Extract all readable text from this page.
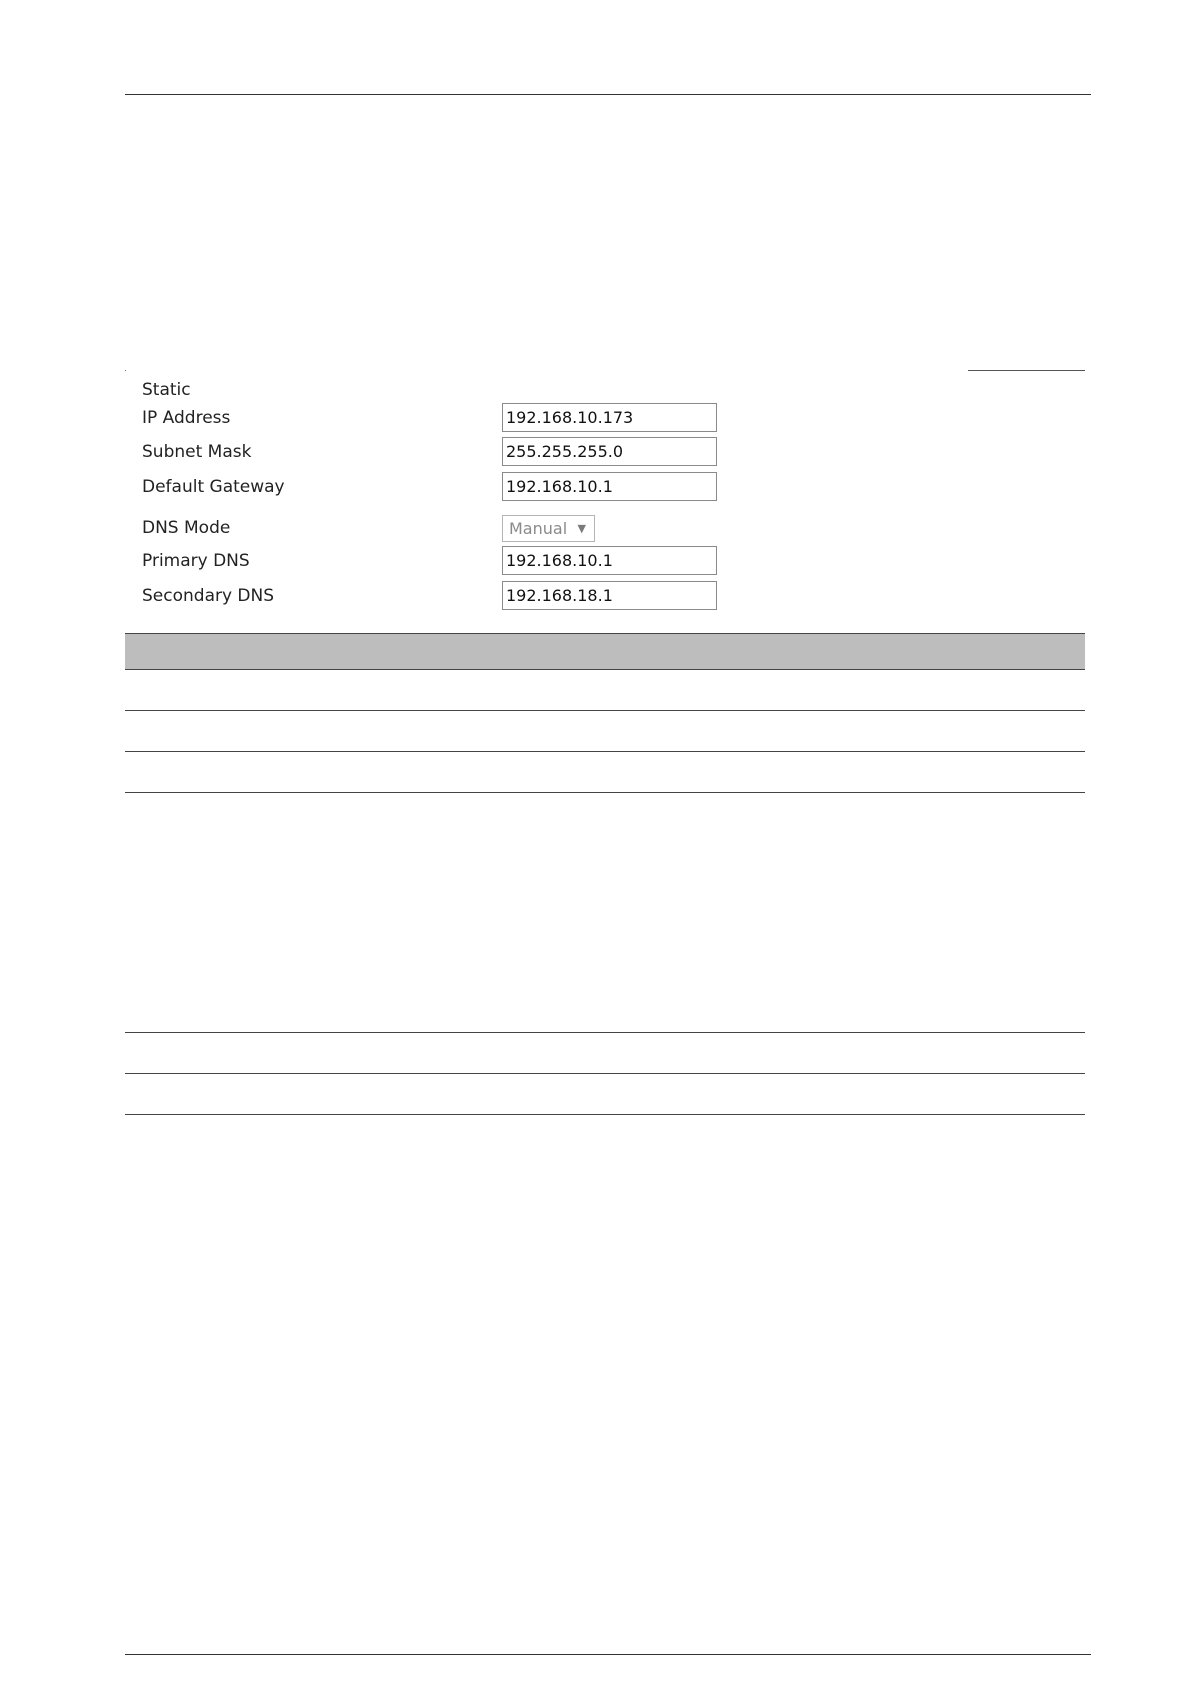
Static
IP Address
192.168.10.173
Subnet Mask
255.255.255.0
Default Gateway
192.168.10.1
DNS Mode	Manual ▼
Primary DNS
192.168.10.1
Secondary DNS
192.168.18.1
